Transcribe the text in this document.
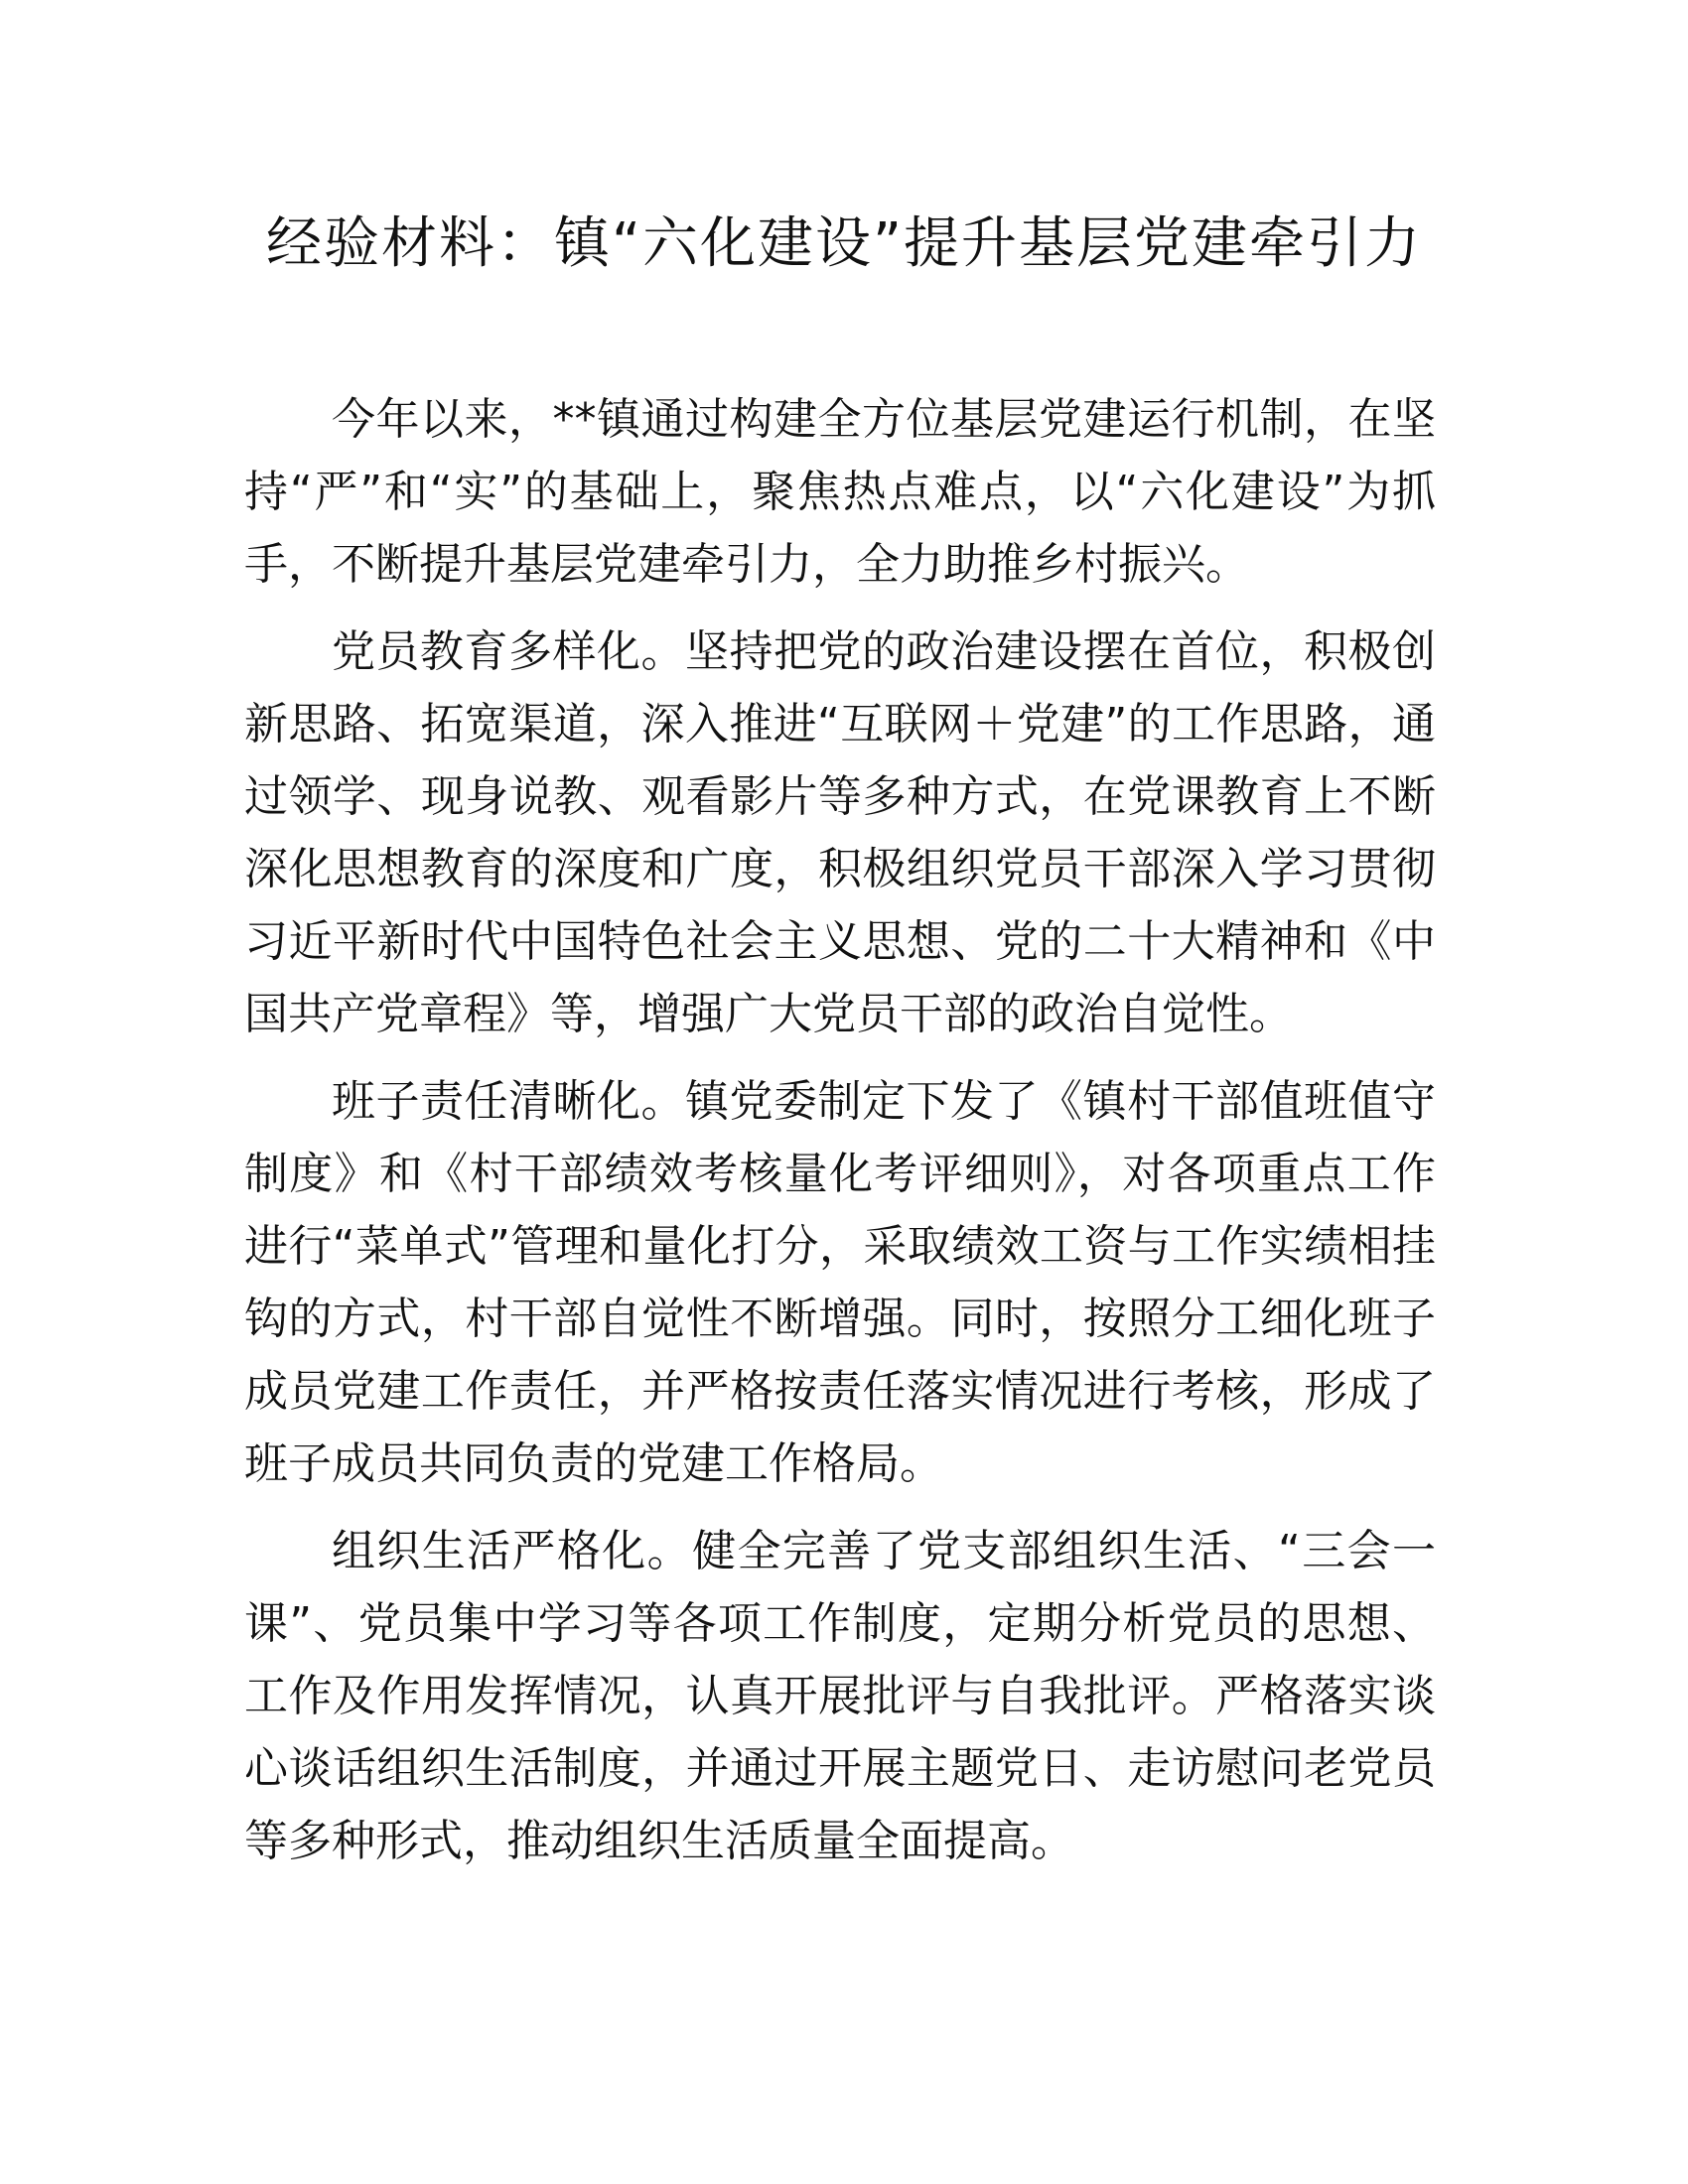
经验材料：镇“六化建设”提升基层党建牵引力

今年以来，**镇通过构建全方位基层党建运行机制，在坚持“严”和“实”的基础上，聚焦热点难点，以“六化建设”为抓手，不断提升基层党建牵引力，全力助推乡村振兴。

党员教育多样化。坚持把党的政治建设摆在首位，积极创新思路、拓宽渠道，深入推进“互联网＋党建”的工作思路，通过领学、现身说教、观看影片等多种方式，在党课教育上不断深化思想教育的深度和广度，积极组织党员干部深入学习贯彻习近平新时代中国特色社会主义思想、党的二十大精神和《中国共产党章程》等，增强广大党员干部的政治自觉性。

班子责任清晰化。镇党委制定下发了《镇村干部值班值守制度》和《村干部绩效考核量化考评细则》，对各项重点工作进行“菜单式”管理和量化打分，采取绩效工资与工作实绩相挂钩的方式，村干部自觉性不断增强。同时，按照分工细化班子成员党建工作责任，并严格按责任落实情况进行考核，形成了班子成员共同负责的党建工作格局。

组织生活严格化。健全完善了党支部组织生活、“三会一课”、党员集中学习等各项工作制度，定期分析党员的思想、工作及作用发挥情况，认真开展批评与自我批评。严格落实谈心谈话组织生活制度，并通过开展主题党日、走访慰问老党员等多种形式，推动组织生活质量全面提高。
